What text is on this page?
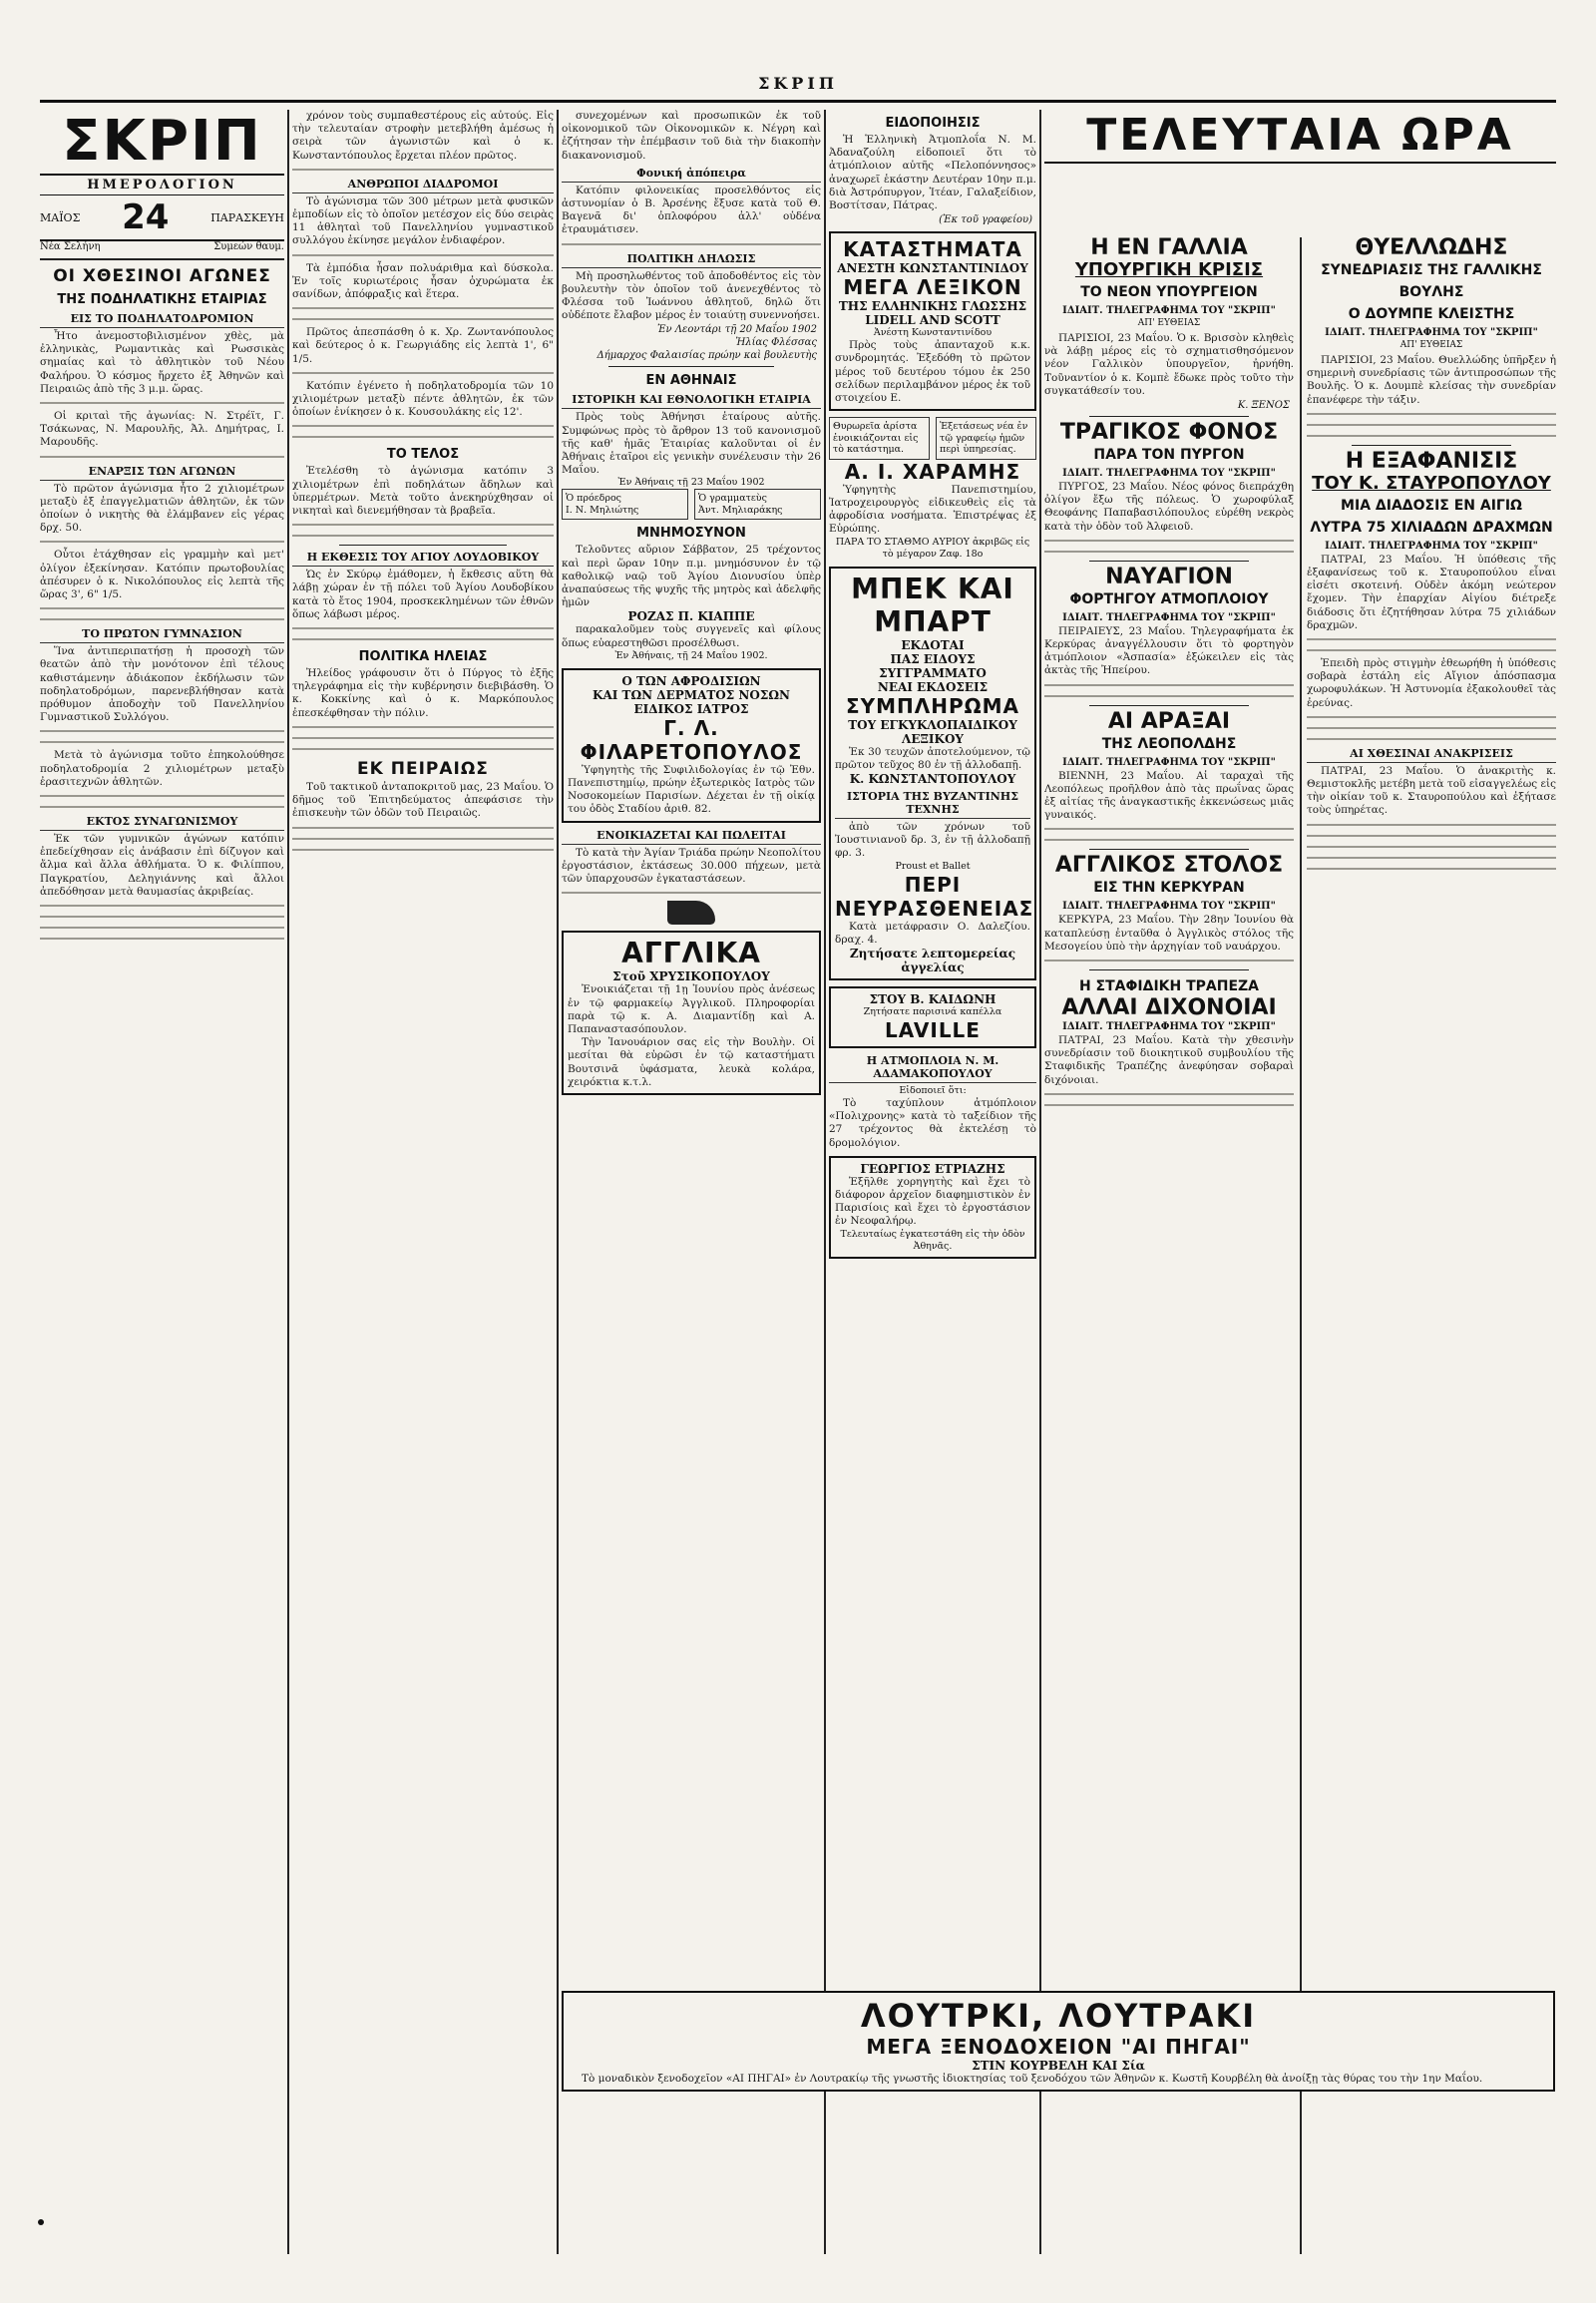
ΣΚΡΙΠ
ΣΚΡΙΠ
ΗΜΕΡΟΛΟΓΙΟΝ
ΜΑΪΟΣ 24	ΠΑΡΑΣΚΕΥΗ
Νέα Σελήνη	Συμεών θαυμ.
ΟΙ ΧΘΕΣΙΝΟΙ ΑΓΩΝΕΣ
ΤΗΣ ΠΟΔΗΛΑΤΙΚΗΣ ΕΤΑΙΡΙΑΣ
ΕΙΣ ΤΟ ΠΟΔΗΛΑΤΟΔΡΟΜΙΟΝ

Ἦτο ἀνεμοστοβιλισμένον χθὲς, μὰ ἐλληνικὰς, Ρωμαντικὰς καὶ Ρωσσικὰς σημαίας καὶ τὸ ἀθλητικὸν τοῦ Νέου Φαλήρου. Ὁ κόσμος ἤρχετο ἐξ Ἀθηνῶν καὶ Πειραιῶς ἀπὸ τῆς 3 μ.μ. ὥρας.

Οἱ κριταὶ τῆς ἀγωνίας: Ν. Στρέϊτ, Γ. Τσάκωνας, Ν. Μαρουλῆς, Ἀλ. Δημήτρας, Ι. Μαρουδῆς.

ΕΝΑΡΞΙΣ ΤΩΝ ΑΓΩΝΩΝ

Τὸ πρῶτον ἀγώνισμα ἦτο 2 χιλιομέτρων μεταξὺ ἑξ ἐπαγγελματιῶν ἀθλητῶν, ἐκ τῶν ὁποίων ὁ νικητὴς θὰ ἐλάμβανεν εἰς γέρας δρχ. 50.

Οὗτοι ἐτάχθησαν εἰς γραμμὴν καὶ μετ' ὀλίγον ἐξεκίνησαν. Κατόπιν πρωτοβουλίας ἀπέσυρεν ὁ κ. Νικολόπουλος εἰς λεπτὰ τῆς ὥρας 3', 6" 1/5.

ΤΟ ΠΡΩΤΟΝ ΓΥΜΝΑΣΙΟΝ

Ἵνα ἀντιπεριπατήσῃ ἡ προσοχὴ τῶν θεατῶν ἀπὸ τὴν μονότονον ἐπὶ τέλους καθιστάμενην ἀδιάκοπον ἐκδήλωσιν τῶν ποδηλατοδρόμων, παρενεβλήθησαν κατὰ πρόθυμον ἀποδοχὴν τοῦ Πανελληνίου Γυμναστικοῦ Συλλόγου.

Μετὰ τὸ ἀγώνισμα τοῦτο ἐπηκολούθησε ποδηλατοδρομία 2 χιλιομέτρων μεταξὺ ἐρασιτεχνῶν ἀθλητῶν.

ΕΚΤΟΣ ΣΥΝΑΓΩΝΙΣΜΟΥ

Ἐκ τῶν γυμνικῶν ἀγώνων κατόπιν ἐπεδείχθησαν εἰς ἀνάβασιν ἐπὶ δίζυγον καὶ ἄλμα καὶ ἄλλα ἀθλήματα. Ὁ κ. Φιλίππου, Παγκρατίου, Δεληγιάννης καὶ ἄλλοι ἀπεδόθησαν μετὰ θαυμασίας ἀκριβείας.

χρόνον τοὺς συμπαθεστέρους εἰς αὐτούς. Εἰς τὴν τελευταίαν στροφὴν μετεβλήθη ἀμέσως ἡ σειρὰ τῶν ἀγωνιστῶν καὶ ὁ κ. Κωνσταντόπουλος ἔρχεται πλέον πρῶτος.

ΑΝΘΡΩΠΟΙ ΔΙΑΔΡΟΜΟΙ

Τὸ ἀγώνισμα τῶν 300 μέτρων μετὰ φυσικῶν ἐμποδίων εἰς τὸ ὁποῖον μετέσχον εἰς δύο σειρὰς 11 ἀθληταὶ τοῦ Πανελληνίου γυμναστικοῦ συλλόγου ἐκίνησε μεγάλον ἐνδιαφέρον.

Τὰ ἐμπόδια ἦσαν πολυάριθμα καὶ δύσκολα. Ἐν τοῖς κυριωτέροις ἦσαν ὀχυρώματα ἐκ σανίδων, ἀπόφραξις καὶ ἕτερα.

Πρῶτος ἀπεσπάσθη ὁ κ. Χρ. Ζωντανόπουλος καὶ δεύτερος ὁ κ. Γεωργιάδης εἰς λεπτὰ 1', 6" 1/5.

Κατόπιν ἐγένετο ἡ ποδηλατοδρομία τῶν 10 χιλιομέτρων μεταξὺ πέντε ἀθλητῶν, ἐκ τῶν ὁποίων ἐνίκησεν ὁ κ. Κουσουλάκης εἰς 12'.

ΤΟ ΤΕΛΟΣ

Ἐτελέσθη τὸ ἀγώνισμα κατόπιν 3 χιλιομέτρων ἐπὶ ποδηλάτων ἄδηλων καὶ ὑπερμέτρων. Μετὰ τοῦτο ἀνεκηρύχθησαν οἱ νικηταὶ καὶ διενεμήθησαν τὰ βραβεῖα.

Η ΕΚΘΕΣΙΣ ΤΟΥ ΑΓΙΟΥ ΛΟΥΔΟΒΙΚΟΥ

Ὡς ἐν Σκύρῳ ἐμάθομεν, ἡ ἔκθεσις αὕτη θὰ λάβῃ χώραν ἐν τῇ πόλει τοῦ Ἁγίου Λουδοβίκου κατὰ τὸ ἔτος 1904, προσκεκλημένων τῶν ἐθνῶν ὅπως λάβωσι μέρος.

ΠΟΛΙΤΙΚΑ ΗΛΕΙΑΣ

Ἠλείδος γράφουσιν ὅτι ὁ Πύργος τὸ ἐξῆς τηλεγράφημα εἰς τὴν κυβέρνησιν διεβιβάσθη. Ὁ κ. Κοκκίνης καὶ ὁ κ. Μαρκόπουλος ἐπεσκέφθησαν τὴν πόλιν.

ΕΚ ΠΕΙΡΑΙΩΣ

Τοῦ τακτικοῦ ἀνταποκριτοῦ μας, 23 Μαΐου. Ὁ δῆμος τοῦ Ἐπιτηδεύματος ἀπεφάσισε τὴν ἐπισκευὴν τῶν ὁδῶν τοῦ Πειραιῶς.

συνεχομένων καὶ προσωπικῶν ἐκ τοῦ οἰκονομικοῦ τῶν Οἰκονομικῶν κ. Νέγρη καὶ ἐζήτησαν τὴν ἐπέμβασιν τοῦ διὰ τὴν διακοπὴν διακανονισμοῦ.

Φονική ἀπόπειρα

Κατόπιν φιλονεικίας προσελθόντος εἰς ἀστυνομίαν ὁ Β. Ἀρσένης ἔξυσε κατὰ τοῦ Θ. Βαγενᾶ δι' ὀπλοφόρου ἀλλ' οὐδένα ἐτραυμάτισεν.

ΠΟΛΙΤΙΚΗ ΔΗΛΩΣΙΣ

Μὴ προσηλωθέντος τοῦ ἀποδοθέντος εἰς τὸν βουλευτὴν τὸν ὁποῖον τοῦ ἀνενεχθέντος τὸ Φλέσσα τοῦ Ἰωάννου ἀθλητοῦ, δηλῶ ὅτι οὐδέποτε ἔλαβον μέρος ἐν τοιαύτῃ συνεννοήσει.

Ἐν Λεοντάρι τῇ 20 Μαΐου 1902
Ἠλίας Φλέσσας
Δήμαρχος Φαλαισίας πρώην καὶ βουλευτὴς
ΕΝ ΑΘΗΝΑΙΣ
ΙΣΤΟΡΙΚΗ ΚΑΙ ΕΘΝΟΛΟΓΙΚΗ ΕΤΑΙΡΙΑ

Πρὸς τοὺς Ἀθήνησι ἑταίρους αὐτῆς. Συμφώνως πρὸς τὸ ἄρθρον 13 τοῦ κανονισμοῦ τῆς καθ' ἡμᾶς Ἑταιρίας καλοῦνται οἱ ἐν Ἀθήναις ἑταῖροι εἰς γενικὴν συνέλευσιν τὴν 26 Μαΐου.

Ἐν Ἀθήναις τῇ 23 Μαΐου 1902
Ὁ πρόεδρος
Ι. Ν. Μηλιώτης
Ὁ γραμματεὺς
Ἀντ. Μηλιαράκης
ΜΝΗΜΟΣΥΝΟΝ

Τελοῦντες αὔριον Σάββατον, 25 τρέχοντος καὶ περὶ ὥραν 10ην π.μ. μνημόσυνον ἐν τῷ καθολικῷ ναῷ τοῦ Ἁγίου Διονυσίου ὑπὲρ ἀναπαύσεως τῆς ψυχῆς τῆς μητρὸς καὶ ἀδελφῆς ἡμῶν

ΡΟΖΑΣ Π. ΚΙΑΠΠΕ

παρακαλοῦμεν τοὺς συγγενεῖς καὶ φίλους ὅπως εὐαρεστηθῶσι προσέλθωσι.

Ἐν Ἀθήναις, τῇ 24 Μαΐου 1902.
Ο ΤΩΝ ΑΦΡΟΔΙΣΙΩΝ
ΚΑΙ ΤΩΝ ΔΕΡΜΑΤΟΣ ΝΟΣΩΝ
ΕΙΔΙΚΟΣ ΙΑΤΡΟΣ
Γ. Λ. ΦΙΛΑΡΕΤΟΠΟΥΛΟΣ

Ὑφηγητὴς τῆς Συφιλιδολογίας ἐν τῷ Ἐθν. Πανεπιστημίῳ, πρώην ἐξωτερικὸς Ιατρὸς τῶν Νοσοκομείων Παρισίων. Δέχεται ἐν τῇ οἰκίᾳ του ὁδὸς Σταδίου ἀριθ. 82.

ΕΝΟΙΚΙΑΖΕΤΑΙ ΚΑΙ ΠΩΛΕΙΤΑΙ

Τὸ κατὰ τὴν Ἁγίαν Τριάδα πρώην Νεοπολίτου ἐργοστάσιον, ἐκτάσεως 30.000 πήχεων, μετὰ τῶν ὑπαρχουσῶν ἐγκαταστάσεων.

ΑΓΓΛΙΚΑ
Στοῦ ΧΡΥΣΙΚΟΠΟΥΛΟΥ

Ἐνοικιάζεται τῇ 1ῃ Ἰουνίου πρὸς ἀνέσεως ἐν τῷ φαρμακείῳ Ἀγγλικοῦ. Πληροφορίαι παρὰ τῷ κ. Α. Διαμαντίδῃ καὶ Α. Παπαναστασόπουλον.

Τὴν Ἰανουάριον σας εἰς τὴν Βουλὴν. Οἱ μεσίται θὰ εὑρῶσι ἐν τῷ καταστήματι Βουτσινᾶ ὑφάσματα, λευκὰ κολάρα, χειρόκτια κ.τ.λ.

ΕΙΔΟΠΟΙΗΣΙΣ

Ἡ Ἑλληνικὴ Ἀτμοπλοΐα Ν. Μ. Ἀδαναζούλη εἰδοποιεῖ ὅτι τὸ ἀτμόπλοιον αὐτῆς «Πελοπόννησος» ἀναχωρεῖ ἑκάστην Δευτέραν 10ην π.μ. διὰ Ἀστρόπυργον, Ἰτέαν, Γαλαξείδιον, Βοστίτσαν, Πάτρας.

(Ἐκ τοῦ γραφείου)
ΚΑΤΑΣΤΗΜΑΤΑ
ΑΝΕΣΤΗ ΚΩΝΣΤΑΝΤΙΝΙΔΟΥ
ΜΕΓΑ ΛΕΞΙΚΟΝ
ΤΗΣ ΕΛΛΗΝΙΚΗΣ ΓΛΩΣΣΗΣ
LIDELL AND SCOTT
Ἀνέστη Κωνσταντινίδου

Πρὸς τοὺς ἀπανταχοῦ κ.κ. συνδρομητάς. Ἐξεδόθη τὸ πρῶτον μέρος τοῦ δευτέρου τόμου ἐκ 250 σελίδων περιλαμβάνον μέρος ἐκ τοῦ στοιχείου Ε.

Θυρωρεῖα ἀρίστα ἐνοικιάζονται εἰς τὸ κατάστημα.
Ἐξετάσεως νέα ἐν τῷ γραφείῳ ἡμῶν περὶ ὑπηρεσίας.
Α. Ι. ΧΑΡΑΜΗΣ

Ὑφηγητὴς Πανεπιστημίου, Ἰατροχειρουργὸς εἰδικευθεὶς εἰς τὰ ἀφροδίσια νοσήματα. Ἐπιστρέψας ἐξ Εὐρώπης.

ΠΑΡΑ ΤΟ ΣΤΑΘΜΟ ΑΥΡΙΟΥ ἀκριβῶς εἰς τὸ μέγαρον Ζαφ. 18ο
ΜΠΕΚ ΚΑΙ ΜΠΑΡΤ
ΕΚΔΟΤΑΙ
ΠΑΣ ΕΙΔΟΥΣ ΣΥΓΓΡΑΜΜΑΤΟ
ΝΕΑΙ ΕΚΔΟΣΕΙΣ
ΣΥΜΠΛΗΡΩΜΑ
ΤΟΥ ΕΓΚΥΚΛΟΠΑΙΔΙΚΟΥ ΛΕΞΙΚΟΥ

Ἐκ 30 τευχῶν ἀποτελούμενον, τῷ πρῶτον τεῦχος 80 ἐν τῇ ἀλλοδαπῇ.

Κ. ΚΩΝΣΤΑΝΤΟΠΟΥΛΟΥ
ΙΣΤΟΡΙΑ ΤΗΣ ΒΥΖΑΝΤΙΝΗΣ ΤΕΧΝΗΣ

ἀπὸ τῶν χρόνων τοῦ Ἰουστινιανοῦ δρ. 3, ἐν τῇ ἀλλοδαπῇ φρ. 3.

Proust et Ballet
ΠΕΡΙ ΝΕΥΡΑΣΘΕΝΕΙΑΣ

Κατὰ μετάφρασιν Ο. Δαλεζίου. δραχ. 4.

Ζητήσατε λεπτομερείας ἀγγελίας
ΣΤΟΥ Β. ΚΑΙΔΩΝΗ
Ζητήσατε παρισινά καπέλλα
LAVILLE
Η ΑΤΜΟΠΛΟΙΑ Ν. Μ. ΑΔΑΜΑΚΟΠΟΥΛΟΥ
Εἰδοποιεῖ ὅτι:

Τὸ ταχύπλουν ἀτμόπλοιον «Πολιχρονης» κατὰ τὸ ταξείδιον τῆς 27 τρέχοντος θὰ ἐκτελέσῃ τὸ δρομολόγιον.

ΓΕΩΡΓΙΟΣ ΕΤΡΙΑΖΗΣ

Ἐξῆλθε χορηγητὴς καὶ ἔχει τὸ διάφορον ἀρχεῖον διαφημιστικὸν ἐν Παρισίοις καὶ ἔχει τὸ ἐργοστάσιον ἐν Νεοφαλήρῳ.

Τελευταίως ἐγκατεστάθη εἰς τὴν ὁδὸν Ἀθηνᾶς.
ΤΕΛΕΥΤΑΙΑ ΩΡΑ
Η ΕΝ ΓΑΛΛΙΑ
ΥΠΟΥΡΓΙΚΗ ΚΡΙΣΙΣ
ΤΟ ΝΕΟΝ ΥΠΟΥΡΓΕΙΟΝ
ΙΔΙΑΙΤ. ΤΗΛΕΓΡΑΦΗΜΑ ΤΟΥ "ΣΚΡΙΠ"
ΑΠ' ΕΥΘΕΙΑΣ

ΠΑΡΙΣΙΟΙ, 23 Μαΐου. Ὁ κ. Βρισσὸν κληθεὶς νὰ λάβῃ μέρος εἰς τὸ σχηματισθησόμενον νέον Γαλλικὸν ὑπουργεῖον, ἠρνήθη. Τοῦναντίον ὁ κ. Κομπὲ ἔδωκε πρὸς τοῦτο τὴν συγκατάθεσίν του.

Κ. ΞΕΝΟΣ
ΤΡΑΓΙΚΟΣ ΦΟΝΟΣ
ΠΑΡΑ ΤΟΝ ΠΥΡΓΟΝ
ΙΔΙΑΙΤ. ΤΗΛΕΓΡΑΦΗΜΑ ΤΟΥ "ΣΚΡΙΠ"

ΠΥΡΓΟΣ, 23 Μαΐου. Νέος φόνος διεπράχθη ὀλίγον ἔξω τῆς πόλεως. Ὁ χωροφύλαξ Θεοφάνης Παπαβασιλόπουλος εὑρέθη νεκρὸς κατὰ τὴν ὁδὸν τοῦ Ἀλφειοῦ.

ΝΑΥΑΓΙΟΝ
ΦΟΡΤΗΓΟΥ ΑΤΜΟΠΛΟΙΟΥ
ΙΔΙΑΙΤ. ΤΗΛΕΓΡΑΦΗΜΑ ΤΟΥ "ΣΚΡΙΠ"

ΠΕΙΡΑΙΕΥΣ, 23 Μαΐου. Τηλεγραφήματα ἐκ Κερκύρας ἀναγγέλλουσιν ὅτι τὸ φορτηγὸν ἀτμόπλοιον «Ἀσπασία» ἐξώκειλεν εἰς τὰς ἀκτὰς τῆς Ἠπείρου.

ΑΙ ΑΡΑΞΑΙ
ΤΗΣ ΛΕΟΠΟΛΔΗΣ
ΙΔΙΑΙΤ. ΤΗΛΕΓΡΑΦΗΜΑ ΤΟΥ "ΣΚΡΙΠ"

ΒΙΕΝΝΗ, 23 Μαΐου. Αἱ ταραχαὶ τῆς Λεοπόλεως προῆλθον ἀπὸ τὰς πρωΐνας ὥρας ἐξ αἰτίας τῆς ἀναγκαστικῆς ἐκκενώσεως μιᾶς γυναικός.

ΑΓΓΛΙΚΟΣ ΣΤΟΛΟΣ
ΕΙΣ ΤΗΝ ΚΕΡΚΥΡΑΝ
ΙΔΙΑΙΤ. ΤΗΛΕΓΡΑΦΗΜΑ ΤΟΥ "ΣΚΡΙΠ"

ΚΕΡΚΥΡΑ, 23 Μαΐου. Τὴν 28ην Ἰουνίου θὰ καταπλεύσῃ ἐνταῦθα ὁ Ἀγγλικὸς στόλος τῆς Μεσογείου ὑπὸ τὴν ἀρχηγίαν τοῦ ναυάρχου.

Η ΣΤΑΦΙΔΙΚΗ ΤΡΑΠΕΖΑ
ΑΛΛΑΙ ΔΙΧΟΝΟΙΑΙ
ΙΔΙΑΙΤ. ΤΗΛΕΓΡΑΦΗΜΑ ΤΟΥ "ΣΚΡΙΠ"

ΠΑΤΡΑΙ, 23 Μαΐου. Κατὰ τὴν χθεσινὴν συνεδρίασιν τοῦ διοικητικοῦ συμβουλίου τῆς Σταφιδικῆς Τραπέζης ἀνεφύησαν σοβαραὶ διχόνοιαι.

ΘΥΕΛΛΩΔΗΣ
ΣΥΝΕΔΡΙΑΣΙΣ ΤΗΣ ΓΑΛΛΙΚΗΣ ΒΟΥΛΗΣ
Ο ΔΟΥΜΠΕ ΚΛΕΙΣΤΗΣ
ΙΔΙΑΙΤ. ΤΗΛΕΓΡΑΦΗΜΑ ΤΟΥ "ΣΚΡΙΠ"
ΑΠ' ΕΥΘΕΙΑΣ

ΠΑΡΙΣΙΟΙ, 23 Μαΐου. Θυελλώδης ὑπῆρξεν ἡ σημερινὴ συνεδρίασις τῶν ἀντιπροσώπων τῆς Βουλῆς. Ὁ κ. Δουμπὲ κλείσας τὴν συνεδρίαν ἐπανέφερε τὴν τάξιν.

Η ΕΞΑΦΑΝΙΣΙΣ
ΤΟΥ Κ. ΣΤΑΥΡΟΠΟΥΛΟΥ
ΜΙΑ ΔΙΑΔΟΣΙΣ ΕΝ ΑΙΓΙΩ
ΛΥΤΡΑ 75 ΧΙΛΙΑΔΩΝ ΔΡΑΧΜΩΝ
ΙΔΙΑΙΤ. ΤΗΛΕΓΡΑΦΗΜΑ ΤΟΥ "ΣΚΡΙΠ"

ΠΑΤΡΑΙ, 23 Μαΐου. Ἡ ὑπόθεσις τῆς ἐξαφανίσεως τοῦ κ. Σταυροπούλου εἶναι εἰσέτι σκοτεινή. Οὐδὲν ἀκόμη νεώτερον ἔχομεν. Τὴν ἐπαρχίαν Αἰγίου διέτρεξε διάδοσις ὅτι ἐζητήθησαν λύτρα 75 χιλιάδων δραχμῶν.

Ἐπειδὴ πρὸς στιγμὴν ἐθεωρήθη ἡ ὑπόθεσις σοβαρὰ ἐστάλη εἰς Αἴγιον ἀπόσπασμα χωροφυλάκων. Ἡ Ἀστυνομία ἐξακολουθεῖ τὰς ἐρεύνας.

ΑΙ ΧΘΕΣΙΝΑΙ ΑΝΑΚΡΙΣΕΙΣ

ΠΑΤΡΑΙ, 23 Μαΐου. Ὁ ἀνακριτὴς κ. Θεμιστοκλῆς μετέβη μετὰ τοῦ εἰσαγγελέως εἰς τὴν οἰκίαν τοῦ κ. Σταυροπούλου καὶ ἐξήτασε τοὺς ὑπηρέτας.

ΛΟΥΤΡΚΙ, ΛΟΥΤΡΑΚΙ
ΜΕΓΑ ΞΕΝΟΔΟΧΕΙΟΝ "ΑΙ ΠΗΓΑΙ"
ΣΤΙΝ ΚΟΥΡΒΕΛΗ ΚΑΙ Σία

Τὸ μοναδικὸν ξενοδοχεῖον «ΑΙ ΠΗΓΑΙ» ἐν Λουτρακίῳ τῆς γνωστῆς ἰδιοκτησίας τοῦ ξενοδόχου τῶν Ἀθηνῶν κ. Κωστῆ Κουρβέλη θὰ ἀνοίξῃ τὰς θύρας του τὴν 1ην Μαΐου.
